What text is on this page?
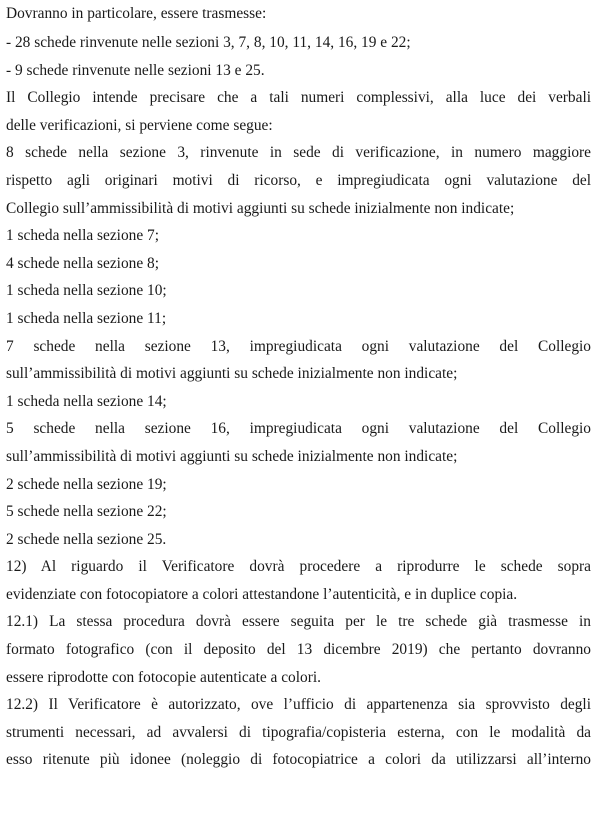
Dovranno in particolare, essere trasmesse:
- 28 schede rinvenute nelle sezioni 3, 7, 8, 10, 11, 14, 16, 19 e 22;
- 9 schede rinvenute nelle sezioni 13 e 25.
Il Collegio intende precisare che a tali numeri complessivi, alla luce dei verbali
delle verificazioni, si perviene come segue:
8 schede nella sezione 3, rinvenute in sede di verificazione, in numero maggiore
rispetto agli originari motivi di ricorso, e impregiudicata ogni valutazione del
Collegio sull’ammissibilità di motivi aggiunti su schede inizialmente non indicate;
1 scheda nella sezione 7;
4 schede nella sezione 8;
1 scheda nella sezione 10;
1 scheda nella sezione 11;
7 schede nella sezione 13, impregiudicata ogni valutazione del Collegio
sull’ammissibilità di motivi aggiunti su schede inizialmente non indicate;
1 scheda nella sezione 14;
5 schede nella sezione 16, impregiudicata ogni valutazione del Collegio
sull’ammissibilità di motivi aggiunti su schede inizialmente non indicate;
2 schede nella sezione 19;
5 schede nella sezione 22;
2 schede nella sezione 25.
12) Al riguardo il Verificatore dovrà procedere a riprodurre le schede sopra
evidenziate con fotocopiatore a colori attestandone l’autenticità, e in duplice copia.
12.1) La stessa procedura dovrà essere seguita per le tre schede già trasmesse in
formato fotografico (con il deposito del 13 dicembre 2019) che pertanto dovranno
essere riprodotte con fotocopie autenticate a colori.
12.2) Il Verificatore è autorizzato, ove l’ufficio di appartenenza sia sprovvisto degli
strumenti necessari, ad avvalersi di tipografia/copisteria esterna, con le modalità da
esso ritenute più idonee (noleggio di fotocopiatrice a colori da utilizzarsi all’interno
